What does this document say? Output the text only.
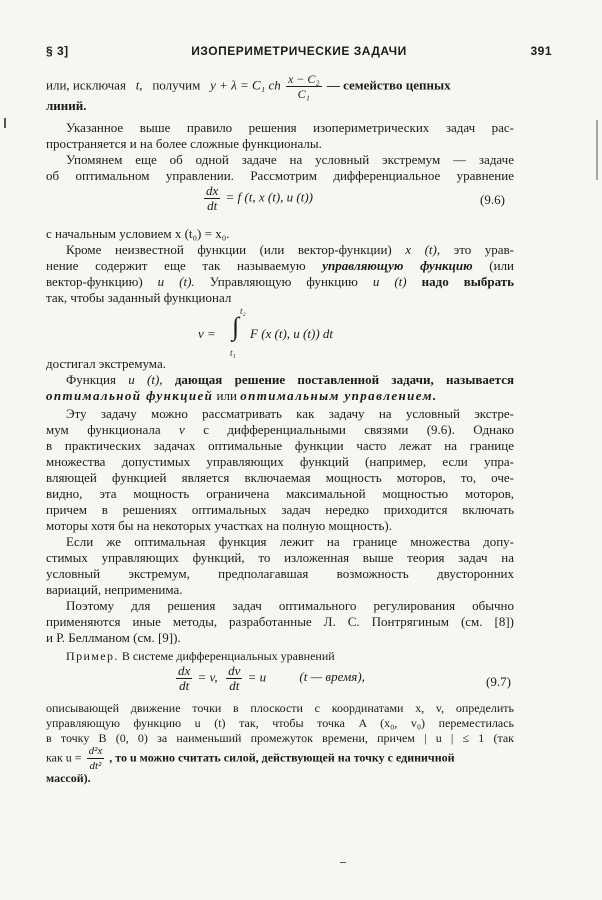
§ 3]	ИЗОПЕРИМЕТРИЧЕСКИЕ ЗАДАЧИ	391
или, исключая t, получим y + λ = C₁ ch $\frac{\text{x − C₂}}{\text{C₁}}$ — семейство цепных
линий.
Указанное выше правило решения изопериметрических задач рас-
пространяется и на более сложные функционалы.
Упомянем еще об одной задаче на условный экстремум — задаче
об оптимальном управлении. Рассмотрим дифференциальное уравнение
$\frac{dx}{dt} = f$ (t, x (t), u (t))	(9.6)
с начальным условием x (t₀) = x₀.
Кроме неизвестной функции (или вектор-функции) x (t), это урав-
нение содержит еще так называемую управляющую функцию (или
вектор-функцию) u (t). Управляющую функцию u (t) надо выбрать
так, чтобы заданный функционал
v = ∫
t₂
t₁
F (x (t), u (t)) dt
достигал экстремума.
Функция u (t), дающая решение поставленной задачи, называется
оптимальной функцией или оптимальным управлением.
Эту задачу можно рассматривать как задачу на условный экстре-
мум функционала v с дифференциальными связями (9.6). Однако
в практических задачах оптимальные функции часто лежат на границе
множества допустимых управляющих функций (например, если упра-
вляющей функцией является включаемая мощность моторов, то, оче-
видно, эта мощность ограничена максимальной мощностью моторов,
причем в решениях оптимальных задач нередко приходится включать
моторы хотя бы на некоторых участках на полную мощность).
Если же оптимальная функция лежит на границе множества допу-
стимых управляющих функций, то изложенная выше теория задач на
условный экстремум, предполагавшая возможность двусторонних
вариаций, неприменима.
Поэтому для решения задач оптимального регулирования обычно
применяются иные методы, разработанные Л. С. Понтрягиным (см. [8])
и Р. Беллманом (см. [9]).
Пример. В системе дифференциальных уравнений
$\frac{dx}{dt} = v$, $\frac{dv}{dt} = u$	(t — время),	(9.7)
описывающей движение точки в плоскости с координатами x, v, определить
управляющую функцию u (t) так, чтобы точка A (x₀, v₀) переместилась
в точку B (0, 0) за наименьший промежуток времени, причем | u | ≤ 1 (так
как $u = \frac{\text{d²x}}{\text{dt²}}$ , то u можно считать силой, действующей на точку с единичной
массой).
